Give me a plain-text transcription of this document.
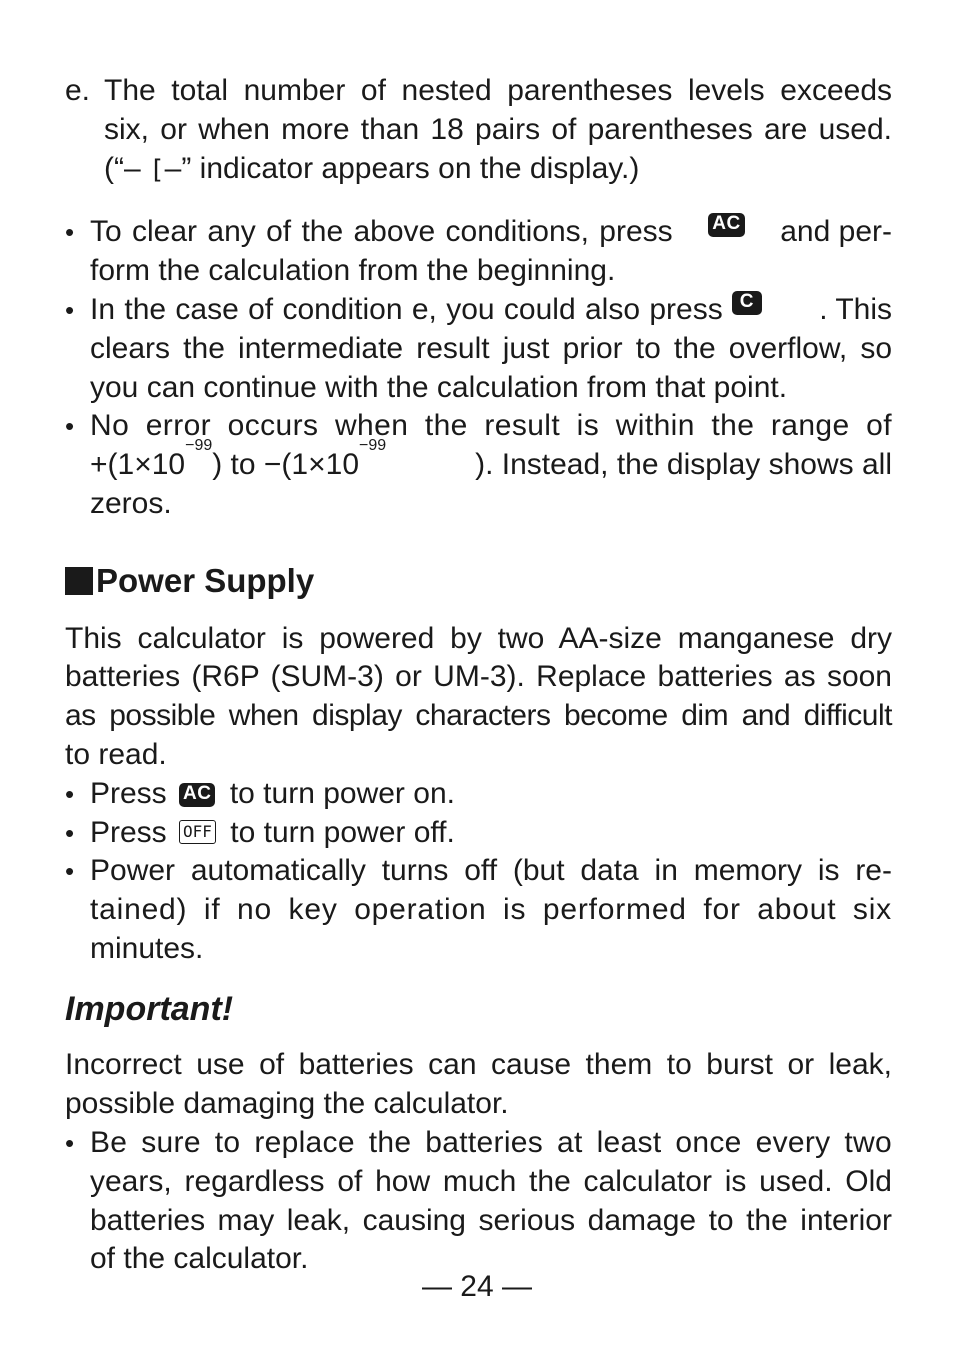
e. The total number of nested parentheses levels exceeds
six, or when more than 18 pairs of parentheses are used.
(“– [–” indicator appears on the display.)
• To clear any of the above conditions, press AC and per-
form the calculation from the beginning.
• In the case of condition e, you could also press C . This
clears the intermediate result just prior to the overflow, so
you can continue with the calculation from that point.
• No error occurs when the result is within the range of
+(1×10
−99
) to −(1×10
−99
). Instead, the display shows all
zeros.
Power Supply
This calculator is powered by two AA-size manganese dry
batteries (R6P (SUM-3) or UM-3). Replace batteries as soon
as possible when display characters become dim and difficult
to read.
• Press AC to turn power on.
• Press OFF to turn power off.
• Power automatically turns off (but data in memory is re-
tained) if no key operation is performed for about six
minutes.
Important!
Incorrect use of batteries can cause them to burst or leak,
possible damaging the calculator.
• Be sure to replace the batteries at least once every two
years, regardless of how much the calculator is used. Old
batteries may leak, causing serious damage to the interior
of the calculator.
— 24 —
